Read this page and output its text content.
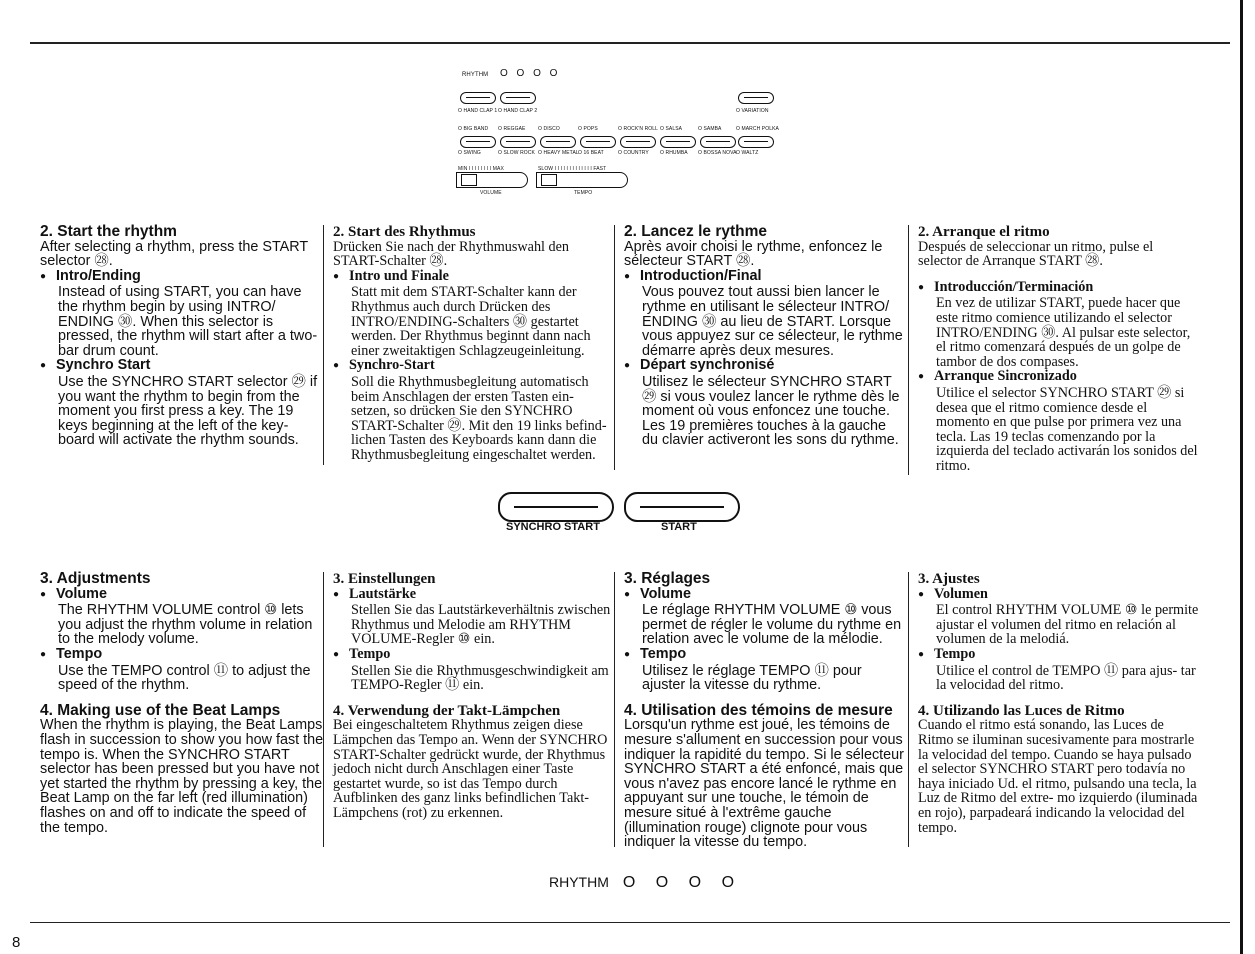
RHYTHM O O O O
O HAND CLAP 1 O HAND CLAP 2	O VARIATION
O BIG BAND O REGGAE	O DISCO	O POPS	O ROCK'N ROLL O SALSA	O SAMBA	O MARCH POLKA
O SWING	O SLOW ROCK O HEAVY METAL O 16 BEAT	O COUNTRY O RHUMBA O BOSSA NOVA O WALTZ
MIN I I I I I I I I MAX	SLOW I I I I I I I I I I I I I FAST
VOLUME	TEMPO
2. Start the rhythm

After selecting a rhythm, press the START selector ㉘.

● Intro/Ending

Instead of using START, you can have the rhythm begin by using INTRO/ ENDING ㉚. When this selector is pressed, the rhythm will start after a two-bar drum count.

● Synchro Start

Use the SYNCHRO START selector ㉙ if you want the rhythm to begin from the moment you first press a key. The 19 keys beginning at the left of the key- board will activate the rhythm sounds.

2. Start des Rhythmus

Drücken Sie nach der Rhythmuswahl den START-Schalter ㉘.

● Intro und Finale

Statt mit dem START-Schalter kann der Rhythmus auch durch Drücken des INTRO/ENDING-Schalters ㉚ gestartet werden. Der Rhythmus beginnt dann nach einer zweitaktigen Schlagzeugeinleitung.

● Synchro-Start

Soll die Rhythmusbegleitung automatisch beim Anschlagen der ersten Tasten ein- setzen, so drücken Sie den SYNCHRO START-Schalter ㉙. Mit den 19 links befind- lichen Tasten des Keyboards kann dann die Rhythmusbegleitung eingeschaltet werden.

2. Lancez le rythme

Après avoir choisi le rythme, enfoncez le sélecteur START ㉘.

● Introduction/Final

Vous pouvez tout aussi bien lancer le rythme en utilisant le sélecteur INTRO/ ENDING ㉚ au lieu de START. Lorsque vous appuyez sur ce sélecteur, le rythme démarre après deux mesures.

● Départ synchronisé

Utilisez le sélecteur SYNCHRO START ㉙ si vous voulez lancer le rythme dès le moment où vous enfoncez une touche. Les 19 premières touches à la gauche du clavier activeront les sons du rythme.

2. Arranque el ritmo

Después de seleccionar un ritmo, pulse el selector de Arranque START ㉘.

● Introducción/Terminación

En vez de utilizar START, puede hacer que este ritmo comience utilizando el selector INTRO/ENDING ㉚. Al pulsar este selector, el ritmo comenzará después de un golpe de tambor de dos compases.

● Arranque Sincronizado

Utilice el selector SYNCHRO START ㉙ si desea que el ritmo comience desde el momento en que pulse por primera vez una tecla. Las 19 teclas comenzando por la izquierda del teclado activarán los sonidos del ritmo.

SYNCHRO START	START
3. Adjustments

● Volume

The RHYTHM VOLUME control ⑩ lets you adjust the rhythm volume in relation to the melody volume.

● Tempo

Use the TEMPO control ⑪ to adjust the speed of the rhythm.

4. Making use of the Beat Lamps

When the rhythm is playing, the Beat Lamps flash in succession to show you how fast the tempo is. When the SYNCHRO START selector has been pressed but you have not yet started the rhythm by pressing a key, the Beat Lamp on the far left (red illumination) flashes on and off to indicate the speed of the tempo.

3. Einstellungen

● Lautstärke

Stellen Sie das Lautstärkeverhältnis zwischen Rhythmus und Melodie am RHYTHM VOLUME-Regler ⑩ ein.

● Tempo

Stellen Sie die Rhythmusgeschwindigkeit am TEMPO-Regler ⑪ ein.

4. Verwendung der Takt-Lämpchen

Bei eingeschaltetem Rhythmus zeigen diese Lämpchen das Tempo an. Wenn der SYNCHRO START-Schalter gedrückt wurde, der Rhythmus jedoch nicht durch Anschlagen einer Taste gestartet wurde, so ist das Tempo durch Aufblinken des ganz links befindlichen Takt-Lämpchens (rot) zu erkennen.

3. Réglages

● Volume

Le réglage RHYTHM VOLUME ⑩ vous permet de régler le volume du rythme en relation avec le volume de la mélodie.

● Tempo

Utilisez le réglage TEMPO ⑪ pour ajuster la vitesse du rythme.

4. Utilisation des témoins de mesure

Lorsqu'un rythme est joué, les témoins de mesure s'allument en succession pour vous indiquer la rapidité du tempo. Si le sélecteur SYNCHRO START a été enfoncé, mais que vous n'avez pas encore lancé le rythme en appuyant sur une touche, le témoin de mesure situé à l'extrême gauche (illumination rouge) clignote pour vous indiquer la vitesse du tempo.

3. Ajustes

● Volumen

El control RHYTHM VOLUME ⑩ le permite ajustar el volumen del ritmo en relación al volumen de la melodiá.

● Tempo

Utilice el control de TEMPO ⑪ para ajus- tar la velocidad del ritmo.

4. Utilizando las Luces de Ritmo

Cuando el ritmo está sonando, las Luces de Ritmo se iluminan sucesivamente para mostrarle la velocidad del tempo. Cuando se haya pulsado el selector SYNCHRO START pero todavía no haya iniciado Ud. el ritmo, pulsando una tecla, la Luz de Ritmo del extre- mo izquierdo (iluminada en rojo), parpadeará indicando la velocidad del tempo.

RHYTHM O O O O
8
